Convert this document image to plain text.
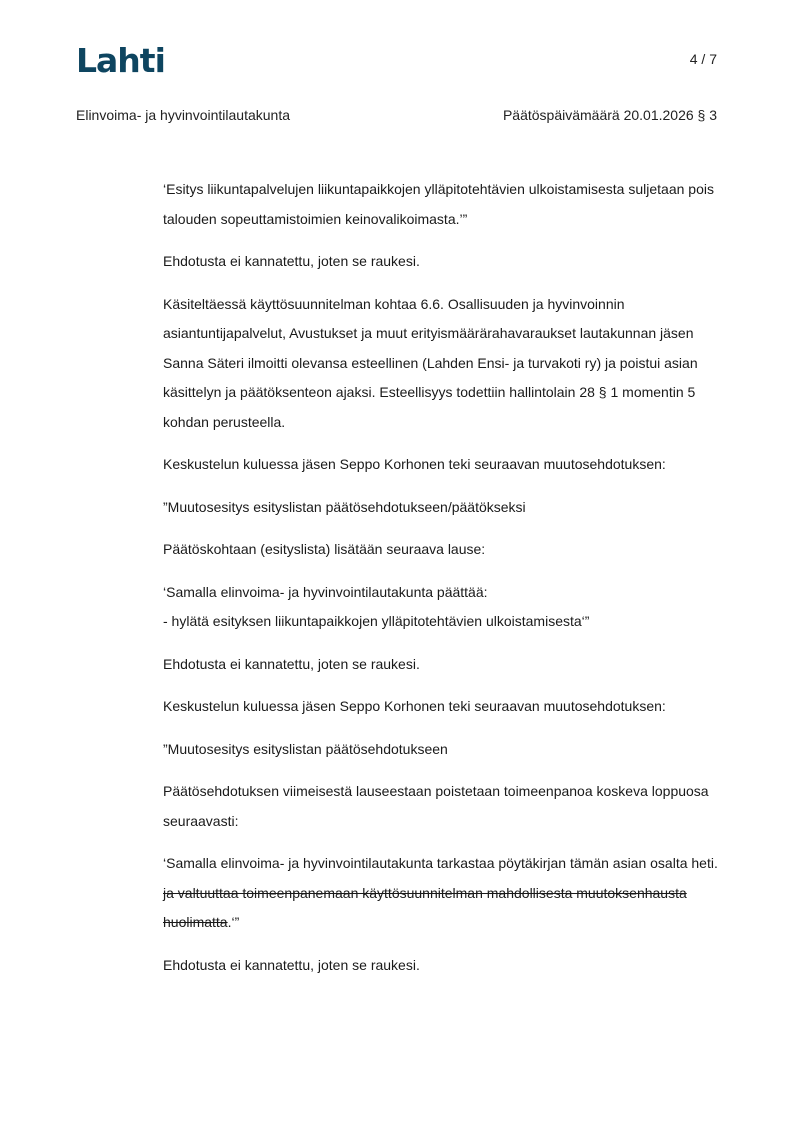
Lahti	4 / 7
Elinvoima- ja hyvinvointilautakunta	Päätöspäivämäärä 20.01.2026 § 3

‘Esitys liikuntapalvelujen liikuntapaikkojen ylläpitotehtävien ulkoistamisesta suljetaan pois talouden sopeuttamistoimien keinovalikoimasta.’”

Ehdotusta ei kannatettu, joten se raukesi.

Käsiteltäessä käyttösuunnitelman kohtaa 6.6. Osallisuuden ja hyvinvoinnin asiantuntijapalvelut, Avustukset ja muut erityismäärärahavaraukset lautakunnan jäsen Sanna Säteri ilmoitti olevansa esteellinen (Lahden Ensi- ja turvakoti ry) ja poistui asian käsittelyn ja päätöksenteon ajaksi. Esteellisyys todettiin hallintolain 28 § 1 momentin 5 kohdan perusteella.

Keskustelun kuluessa jäsen Seppo Korhonen teki seuraavan muutosehdotuksen:

”Muutosesitys esityslistan päätösehdotukseen/päätökseksi

Päätöskohtaan (esityslista) lisätään seuraava lause:

‘Samalla elinvoima- ja hyvinvointilautakunta päättää:
- hylätä esityksen liikuntapaikkojen ylläpitotehtävien ulkoistamisesta‘”

Ehdotusta ei kannatettu, joten se raukesi.

Keskustelun kuluessa jäsen Seppo Korhonen teki seuraavan muutosehdotuksen:

”Muutosesitys esityslistan päätösehdotukseen

Päätösehdotuksen viimeisestä lauseestaan poistetaan toimeenpanoa koskeva loppuosa seuraavasti:

‘Samalla elinvoima- ja hyvinvointilautakunta tarkastaa pöytäkirjan tämän asian osalta heti. ja valtuuttaa toimeenpanemaan käyttösuunnitelman mahdollisesta muutoksenhausta huolimatta.‘”

Ehdotusta ei kannatettu, joten se raukesi.
